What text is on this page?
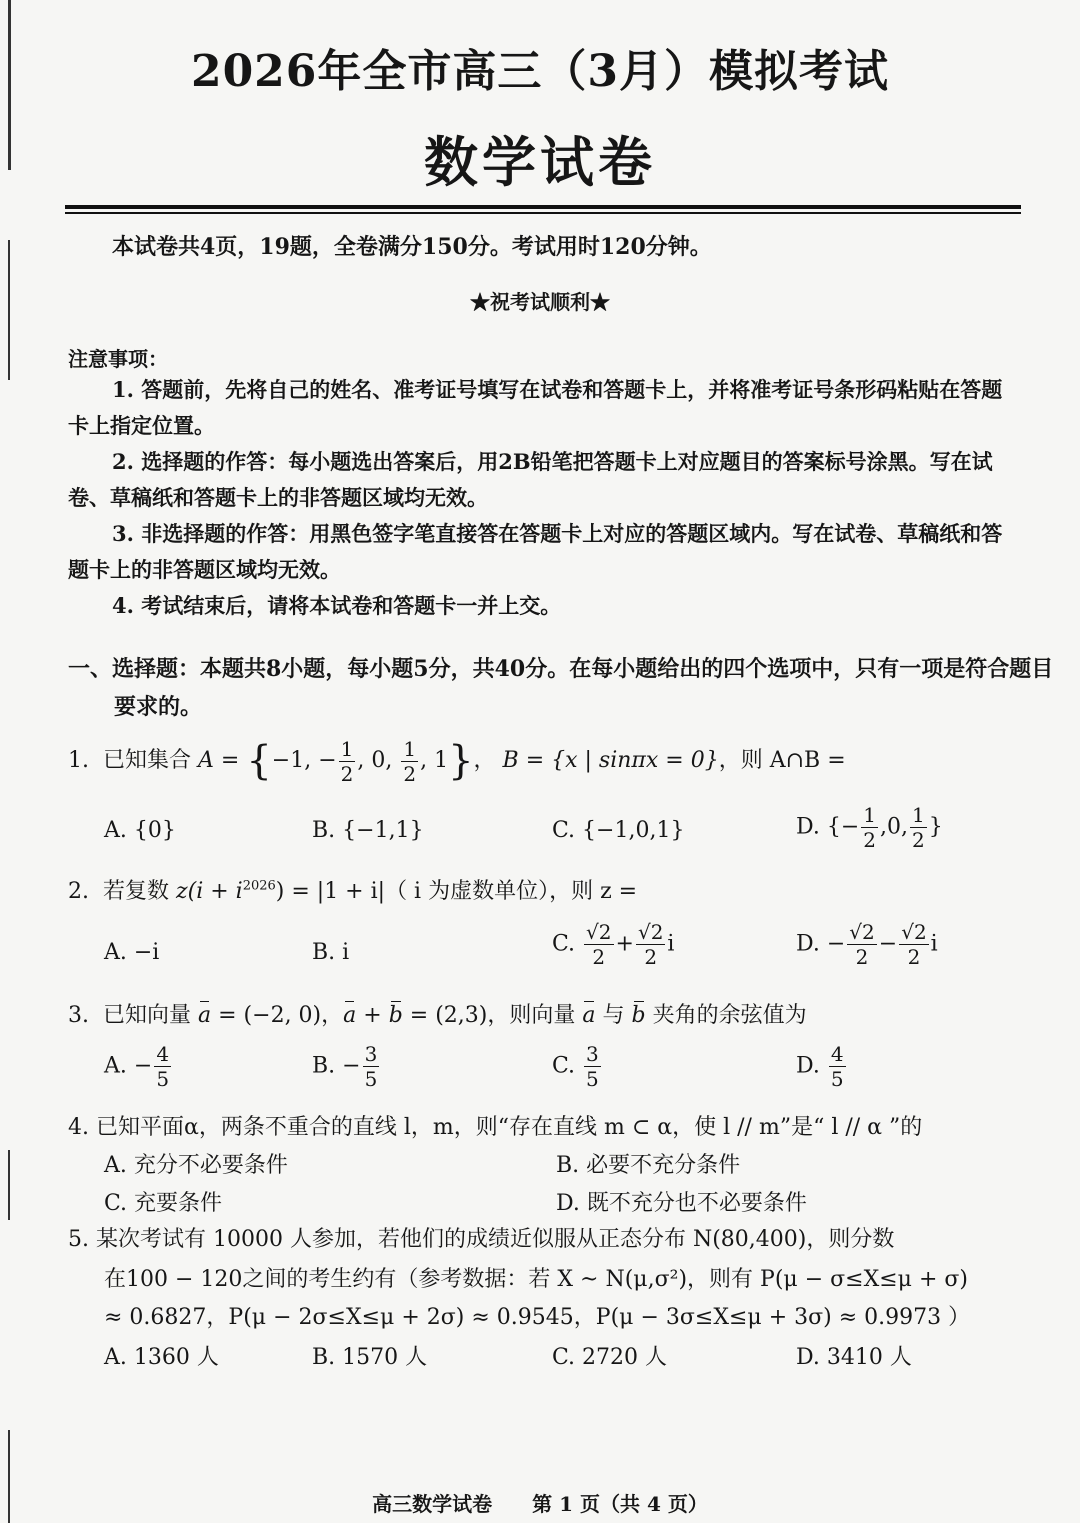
2026年全市高三（3月）模拟考试
数学试卷
本试卷共4页，19题，全卷满分150分。考试用时120分钟。
★祝考试顺利★
注意事项：
1. 答题前，先将自己的姓名、准考证号填写在试卷和答题卡上，并将准考证号条形码粘贴在答题卡上指定位置。
2. 选择题的作答：每小题选出答案后，用2B铅笔把答题卡上对应题目的答案标号涂黑。写在试卷、草稿纸和答题卡上的非答题区域均无效。
3. 非选择题的作答：用黑色签字笔直接答在答题卡上对应的答题区域内。写在试卷、草稿纸和答题卡上的非答题区域均无效。
4. 考试结束后，请将本试卷和答题卡一并上交。
一、选择题：本题共8小题，每小题5分，共40分。在每小题给出的四个选项中，只有一项是符合题目要求的。
1. 已知集合 A = {−1, − $\frac{1}{2}$ , 0, $\frac{1}{2}$ , 1}， B = {x | sinπx = 0}，则 A∩B =
A. {0}	B. {−1,1}	C. {−1,0,1}	D. {− $\frac{1}{2} ,0$, $\frac{1}{2}$ }
2. 若复数 $z(i + i^{2026}) = |1 + i|$（ i 为虚数单位），则 z =
A. −i	B. i	C. $\frac{√2}{2} + \frac{√2}{2}$ i	D. − $\frac{√2}{2} - \frac{√2}{2}$ i
3. 已知向量 a = (−2, 0)，a + b = (2,3)，则向量 a 与 b 夹角的余弦值为
A. − $\frac{4}{5}$	B. − $\frac{3}{5}$	C. $\frac{3}{5}$	D. $\frac{4}{5}$
4. 已知平面α，两条不重合的直线 l，m，则“存在直线 m ⊂ α，使 l // m”是“ l // α ”的
A. 充分不必要条件	B. 必要不充分条件
C. 充要条件	D. 既不充分也不必要条件
5. 某次考试有 10000 人参加，若他们的成绩近似服从正态分布 N(80,400)，则分数
在100 − 120之间的考生约有（参考数据：若 X ~ N(μ,σ²)，则有 P(μ − σ≤X≤μ + σ)
≈ 0.6827，P(μ − 2σ≤X≤μ + 2σ) ≈ 0.9545，P(μ − 3σ≤X≤μ + 3σ) ≈ 0.9973 ）
A. 1360 人	B. 1570 人	C. 2720 人	D. 3410 人
高三数学试卷　　第 1 页（共 4 页）
